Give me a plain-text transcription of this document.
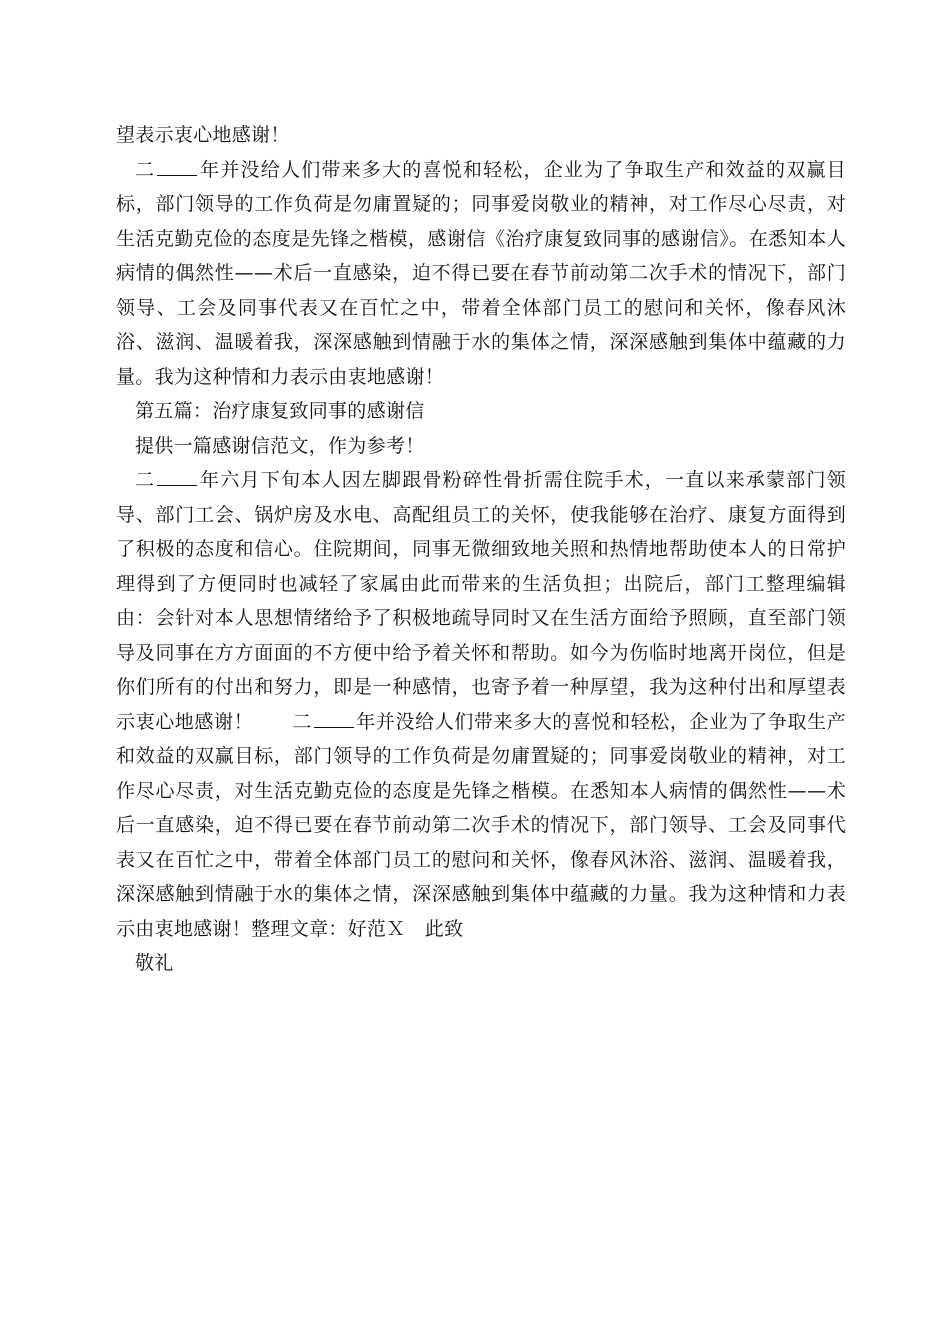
望表示衷心地感谢！

二 年并没给人们带来多大的喜悦和轻松，企业为了争取生产和效益的双赢目标，部门领导的工作负荷是勿庸置疑的；同事爱岗敬业的精神，对工作尽心尽责，对生活克勤克俭的态度是先锋之楷模，感谢信《治疗康复致同事的感谢信》。在悉知本人病情的偶然性——术后一直感染，迫不得已要在春节前动第二次手术的情况下，部门领导、工会及同事代表又在百忙之中，带着全体部门员工的慰问和关怀，像春风沐浴、滋润、温暖着我，深深感触到情融于水的集体之情，深深感触到集体中蕴藏的力量。我为这种情和力表示由衷地感谢！

第五篇：治疗康复致同事的感谢信

提供一篇感谢信范文，作为参考！

二 年六月下旬本人因左脚跟骨粉碎性骨折需住院手术，一直以来承蒙部门领导、部门工会、锅炉房及水电、高配组员工的关怀，使我能够在治疗、康复方面得到了积极的态度和信心。住院期间，同事无微细致地关照和热情地帮助使本人的日常护理得到了方便同时也减轻了家属由此而带来的生活负担；出院后，部门工整理编辑由：会针对本人思想情绪给予了积极地疏导同时又在生活方面给予照顾，直至部门领导及同事在方方面面的不方便中给予着关怀和帮助。如今为伤临时地离开岗位，但是你们所有的付出和努力，即是一种感情，也寄予着一种厚望，我为这种付出和厚望表示衷心地感谢！　　 二 年并没给人们带来多大的喜悦和轻松，企业为了争取生产和效益的双赢目标，部门领导的工作负荷是勿庸置疑的；同事爱岗敬业的精神，对工作尽心尽责，对生活克勤克俭的态度是先锋之楷模。在悉知本人病情的偶然性——术后一直感染，迫不得已要在春节前动第二次手术的情况下，部门领导、工会及同事代表又在百忙之中，带着全体部门员工的慰问和关怀，像春风沐浴、滋润、温暖着我，深深感触到情融于水的集体之情，深深感触到集体中蕴藏的力量。我为这种情和力表示由衷地感谢！整理文章：好范Ｘ　此致

敬礼
